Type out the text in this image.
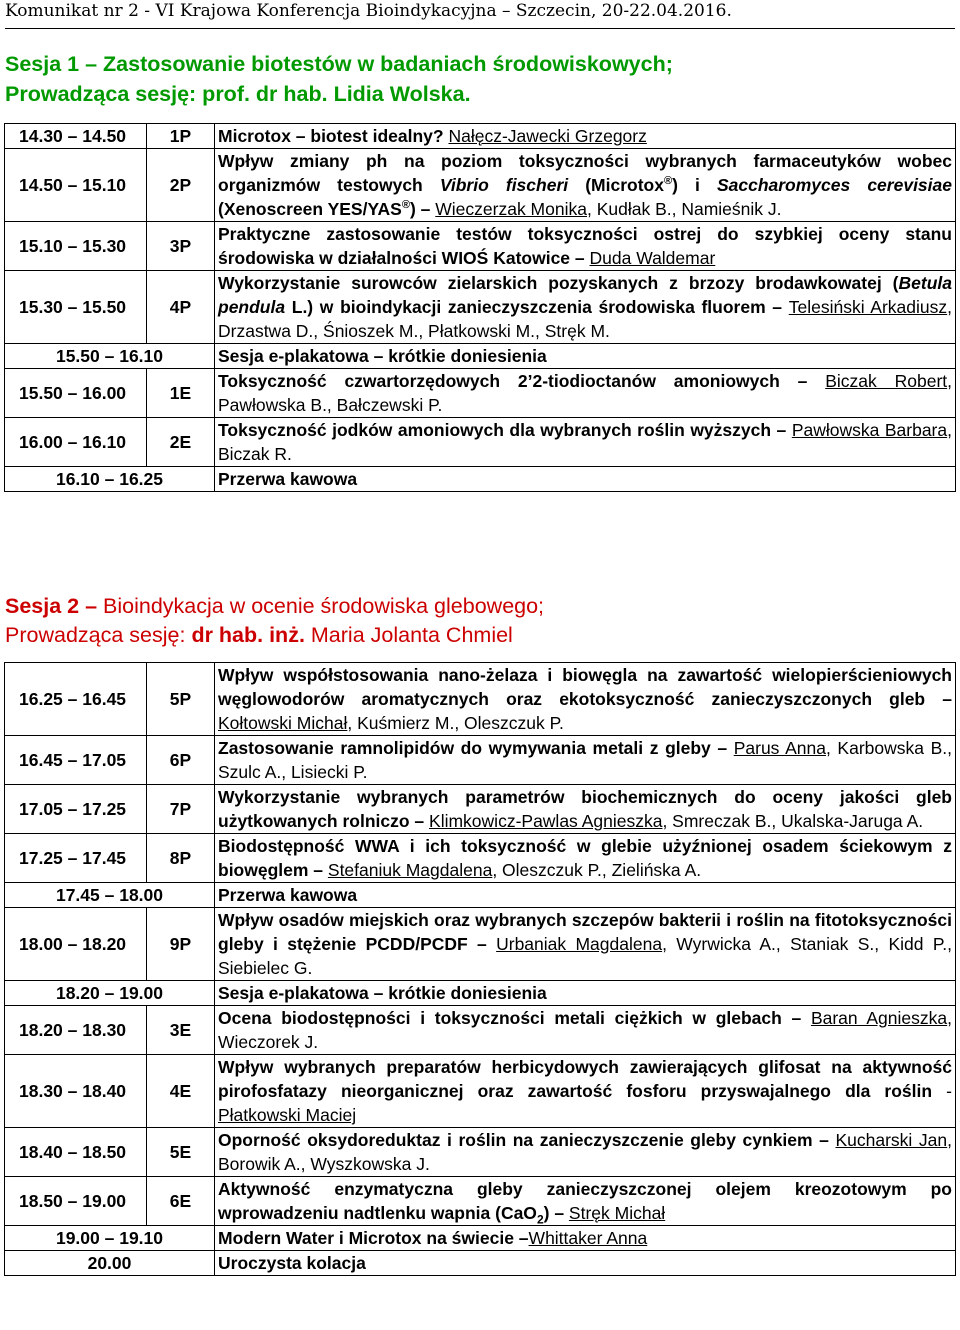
Komunikat nr 2 - VI Krajowa Konferencja Bioindykacyjna – Szczecin, 20-22.04.2016.
Sesja 1 – Zastosowanie biotestów w badaniach środowiskowych;
Prowadząca sesję: prof. dr hab. Lidia Wolska.
14.30 – 14.50	1P	Microtox – biotest idealny? Nałęcz-Jawecki Grzegorz
14.50 – 15.10	2P	Wpływ zmiany ph na poziom toksyczności wybranych farmaceutyków wobec organizmów testowych Vibrio fischeri (Microtox®) i Saccharomyces cerevisiae (Xenoscreen YES/YAS®) – Wieczerzak Monika, Kudłak B., Namieśnik J.
15.10 – 15.30	3P	Praktyczne zastosowanie testów toksyczności ostrej do szybkiej oceny stanu środowiska w działalności WIOŚ Katowice – Duda Waldemar
15.30 – 15.50	4P	Wykorzystanie surowców zielarskich pozyskanych z brzozy brodawkowatej (Betula pendula L.) w bioindykacji zanieczyszczenia środowiska fluorem – Telesiński Arkadiusz, Drzastwa D., Śnioszek M., Płatkowski M., Stręk M.
15.50 – 16.10		Sesja e-plakatowa – krótkie doniesienia
15.50 – 16.00	1E	Toksyczność czwartorzędowych 2’2-tiodioctanów amoniowych – Biczak Robert, Pawłowska B., Bałczewski P.
16.00 – 16.10	2E	Toksyczność jodków amoniowych dla wybranych roślin wyższych – Pawłowska Barbara, Biczak R.
16.10 – 16.25		Przerwa kawowa
Sesja 2 – Bioindykacja w ocenie środowiska glebowego;
Prowadząca sesję: dr hab. inż. Maria Jolanta Chmiel
16.25 – 16.45	5P	Wpływ współstosowania nano-żelaza i biowęgla na zawartość wielopierścieniowych węglowodorów aromatycznych oraz ekotoksyczność zanieczyszczonych gleb – Kołtowski Michał, Kuśmierz M., Oleszczuk P.
16.45 – 17.05	6P	Zastosowanie ramnolipidów do wymywania metali z gleby – Parus Anna, Karbowska B., Szulc A., Lisiecki P.
17.05 – 17.25	7P	Wykorzystanie wybranych parametrów biochemicznych do oceny jakości gleb użytkowanych rolniczo – Klimkowicz-Pawlas Agnieszka, Smreczak B., Ukalska-Jaruga A.
17.25 – 17.45	8P	Biodostępność WWA i ich toksyczność w glebie użyźnionej osadem ściekowym z biowęglem – Stefaniuk Magdalena, Oleszczuk P., Zielińska A.
17.45 – 18.00		Przerwa kawowa
18.00 – 18.20	9P	Wpływ osadów miejskich oraz wybranych szczepów bakterii i roślin na fitotoksyczności gleby i stężenie PCDD/PCDF – Urbaniak Magdalena, Wyrwicka A., Staniak S., Kidd P., Siebielec G.
18.20 – 19.00		Sesja e-plakatowa – krótkie doniesienia
18.20 – 18.30	3E	Ocena biodostępności i toksyczności metali ciężkich w glebach – Baran Agnieszka, Wieczorek J.
18.30 – 18.40	4E	Wpływ wybranych preparatów herbicydowych zawierających glifosat na aktywność pirofosfatazy nieorganicznej oraz zawartość fosforu przyswajalnego dla roślin - Płatkowski Maciej
18.40 – 18.50	5E	Oporność oksydoreduktaz i roślin na zanieczyszczenie gleby cynkiem – Kucharski Jan, Borowik A., Wyszkowska J.
18.50 – 19.00	6E	Aktywność enzymatyczna gleby zanieczyszczonej olejem kreozotowym po wprowadzeniu nadtlenku wapnia (CaO$_2$) – Stręk Michał
19.00 – 19.10		Modern Water i Microtox na świecie –Whittaker Anna
20.00		Uroczysta kolacja
